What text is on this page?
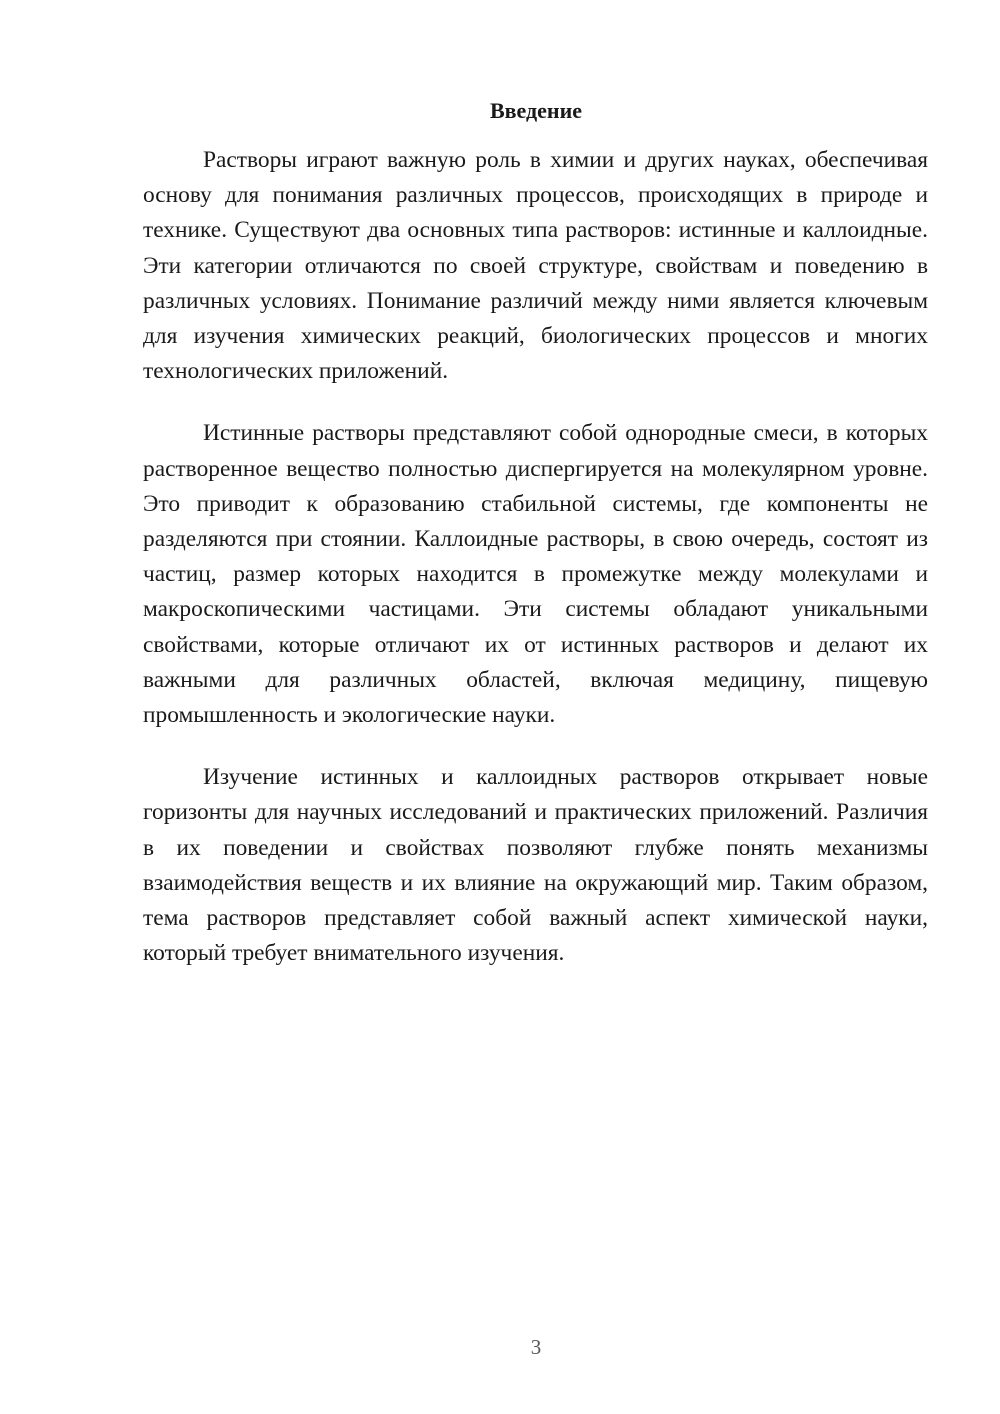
Введение

Растворы играют важную роль в химии и других науках, обеспечивая основу для понимания различных процессов, происходящих в природе и технике. Существуют два основных типа растворов: истинные и каллоидные. Эти категории отличаются по своей структуре, свойствам и поведению в различных условиях. Понимание различий между ними является ключевым для изучения химических реакций, биологических процессов и многих технологических приложений.

Истинные растворы представляют собой однородные смеси, в которых растворенное вещество полностью диспергируется на молекулярном уровне. Это приводит к образованию стабильной системы, где компоненты не разделяются при стоянии. Каллоидные растворы, в свою очередь, состоят из частиц, размер которых находится в промежутке между молекулами и макроскопическими частицами. Эти системы обладают уникальными свойствами, которые отличают их от истинных растворов и делают их важными для различных областей, включая медицину, пищевую промышленность и экологические науки.

Изучение истинных и каллоидных растворов открывает новые горизонты для научных исследований и практических приложений. Различия в их поведении и свойствах позволяют глубже понять механизмы взаимодействия веществ и их влияние на окружающий мир. Таким образом, тема растворов представляет собой важный аспект химической науки, который требует внимательного изучения.

3
